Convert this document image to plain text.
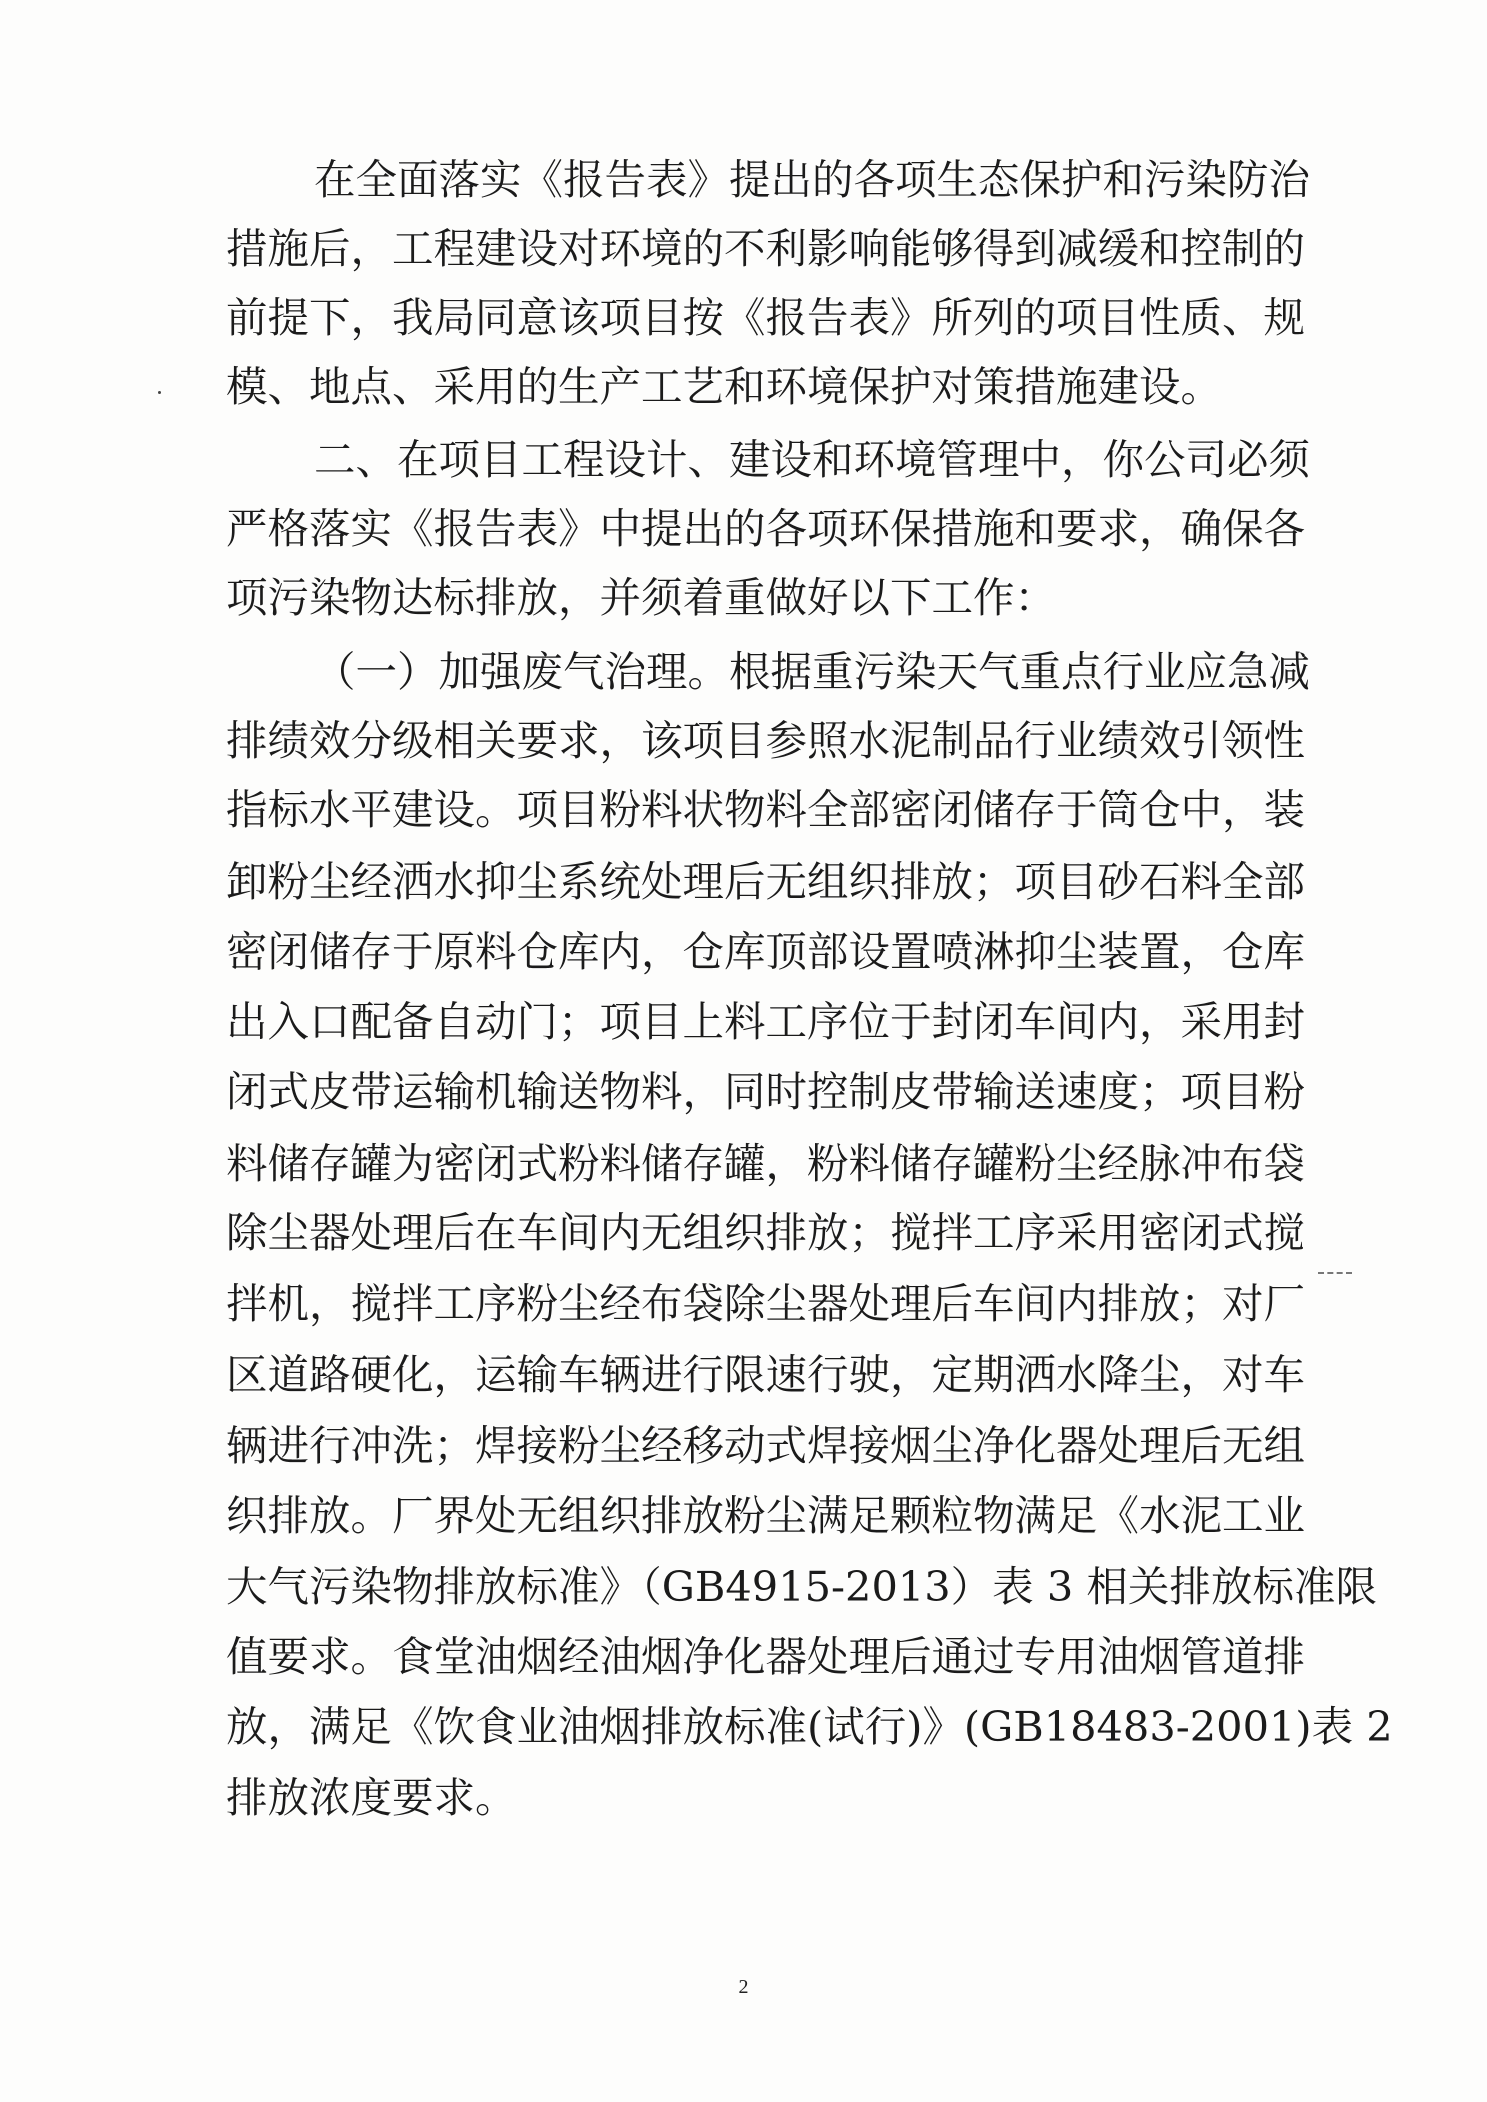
在全面落实《报告表》提出的各项生态保护和污染防治
措施后，工程建设对环境的不利影响能够得到减缓和控制的
前提下，我局同意该项目按《报告表》所列的项目性质、规
模、地点、采用的生产工艺和环境保护对策措施建设。
二、在项目工程设计、建设和环境管理中，你公司必须
严格落实《报告表》中提出的各项环保措施和要求，确保各
项污染物达标排放，并须着重做好以下工作：
（一）加强废气治理。根据重污染天气重点行业应急减
排绩效分级相关要求，该项目参照水泥制品行业绩效引领性
指标水平建设。项目粉料状物料全部密闭储存于筒仓中，装
卸粉尘经洒水抑尘系统处理后无组织排放；项目砂石料全部
密闭储存于原料仓库内，仓库顶部设置喷淋抑尘装置，仓库
出入口配备自动门；项目上料工序位于封闭车间内，采用封
闭式皮带运输机输送物料，同时控制皮带输送速度；项目粉
料储存罐为密闭式粉料储存罐，粉料储存罐粉尘经脉冲布袋
除尘器处理后在车间内无组织排放；搅拌工序采用密闭式搅
拌机，搅拌工序粉尘经布袋除尘器处理后车间内排放；对厂
区道路硬化，运输车辆进行限速行驶，定期洒水降尘，对车
辆进行冲洗；焊接粉尘经移动式焊接烟尘净化器处理后无组
织排放。厂界处无组织排放粉尘满足颗粒物满足《水泥工业
大气污染物排放标准》（GB4915-2013）表 3 相关排放标准限
值要求。食堂油烟经油烟净化器处理后通过专用油烟管道排
放，满足《饮食业油烟排放标准(试行)》(GB18483-2001)表 2
排放浓度要求。
2
